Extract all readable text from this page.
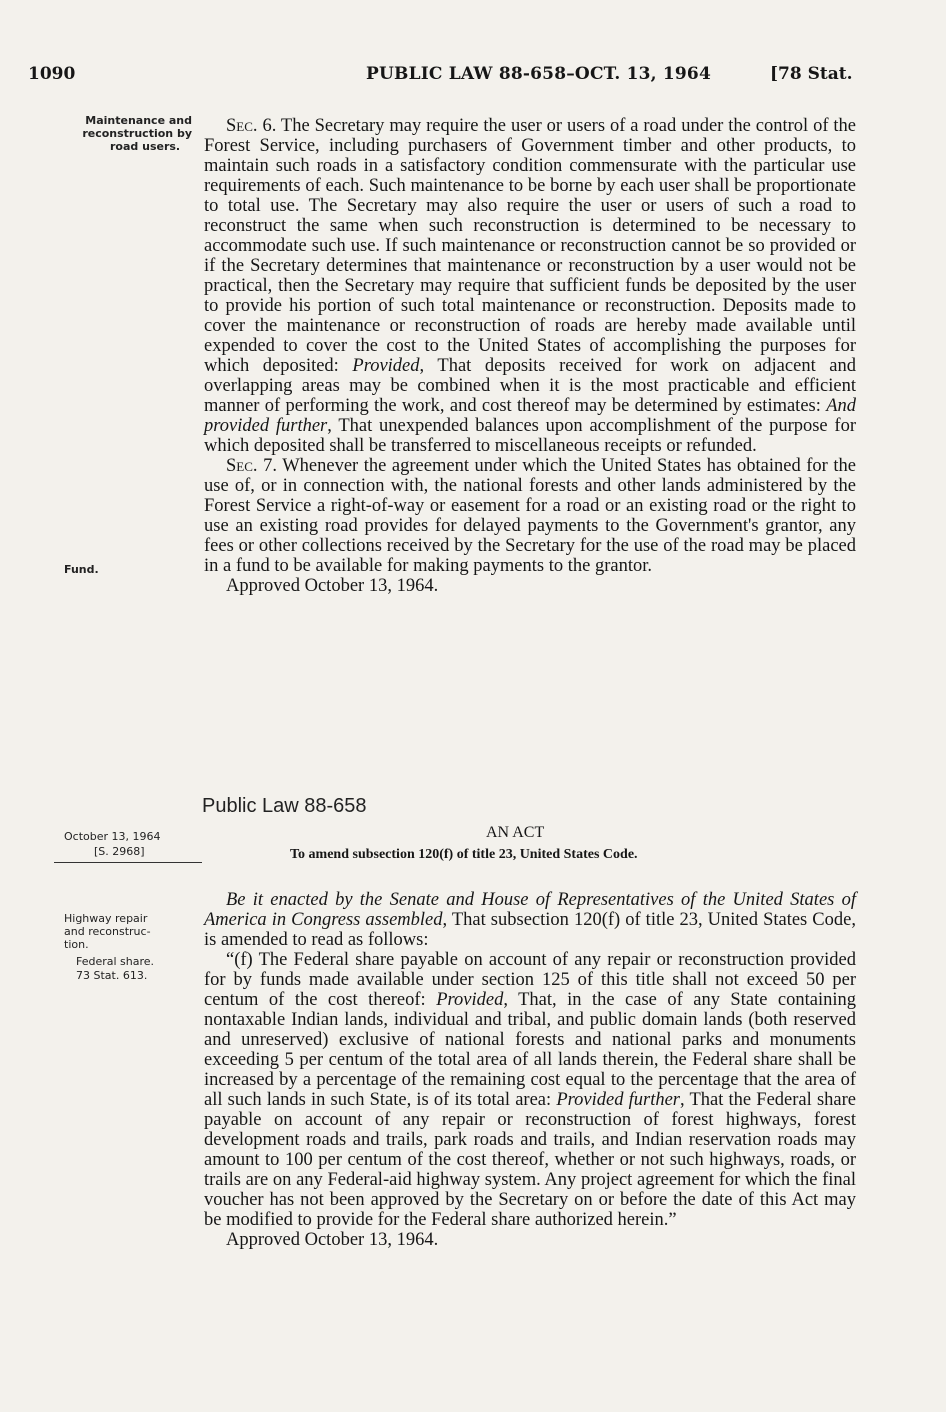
1090	PUBLIC LAW 88-658–OCT. 13, 1964	[78 Stat.
Maintenance and
reconstruction by
road users.
Fund.
October 13, 1964
[S. 2968]
Highway repair
and reconstruc-
tion.
Federal share.
73 Stat. 613.

Sec. 6. The Secretary may require the user or users of a road under the control of the Forest Service, including purchasers of Government timber and other products, to maintain such roads in a satisfactory condition commensurate with the particular use requirements of each. Such maintenance to be borne by each user shall be proportionate to total use. The Secretary may also require the user or users of such a road to reconstruct the same when such reconstruction is determined to be necessary to accommodate such use. If such maintenance or reconstruction cannot be so provided or if the Secretary determines that maintenance or reconstruction by a user would not be practical, then the Secretary may require that sufficient funds be deposited by the user to provide his portion of such total maintenance or reconstruction. Deposits made to cover the maintenance or reconstruction of roads are hereby made available until expended to cover the cost to the United States of accomplishing the purposes for which deposited: Provided, That deposits received for work on adjacent and overlapping areas may be combined when it is the most practicable and efficient manner of performing the work, and cost thereof may be determined by estimates: And provided further, That unexpended balances upon accomplishment of the purpose for which deposited shall be transferred to miscellaneous receipts or refunded.

Sec. 7. Whenever the agreement under which the United States has obtained for the use of, or in connection with, the national forests and other lands administered by the Forest Service a right-of-way or easement for a road or an existing road or the right to use an existing road provides for delayed payments to the Government's grantor, any fees or other collections received by the Secretary for the use of the road may be placed in a fund to be available for making payments to the grantor.

Approved October 13, 1964.

Public Law 88-658
AN ACT
To amend subsection 120(f) of title 23, United States Code.

Be it enacted by the Senate and House of Representatives of the United States of America in Congress assembled, That subsection 120(f) of title 23, United States Code, is amended to read as follows:

“(f) The Federal share payable on account of any repair or reconstruction provided for by funds made available under section 125 of this title shall not exceed 50 per centum of the cost thereof: Provided, That, in the case of any State containing nontaxable Indian lands, individual and tribal, and public domain lands (both reserved and unreserved) exclusive of national forests and national parks and monuments exceeding 5 per centum of the total area of all lands therein, the Federal share shall be increased by a percentage of the remaining cost equal to the percentage that the area of all such lands in such State, is of its total area: Provided further, That the Federal share payable on account of any repair or reconstruction of forest highways, forest development roads and trails, park roads and trails, and Indian reservation roads may amount to 100 per centum of the cost thereof, whether or not such highways, roads, or trails are on any Federal-aid highway system. Any project agreement for which the final voucher has not been approved by the Secretary on or before the date of this Act may be modified to provide for the Federal share authorized herein.”

Approved October 13, 1964.
